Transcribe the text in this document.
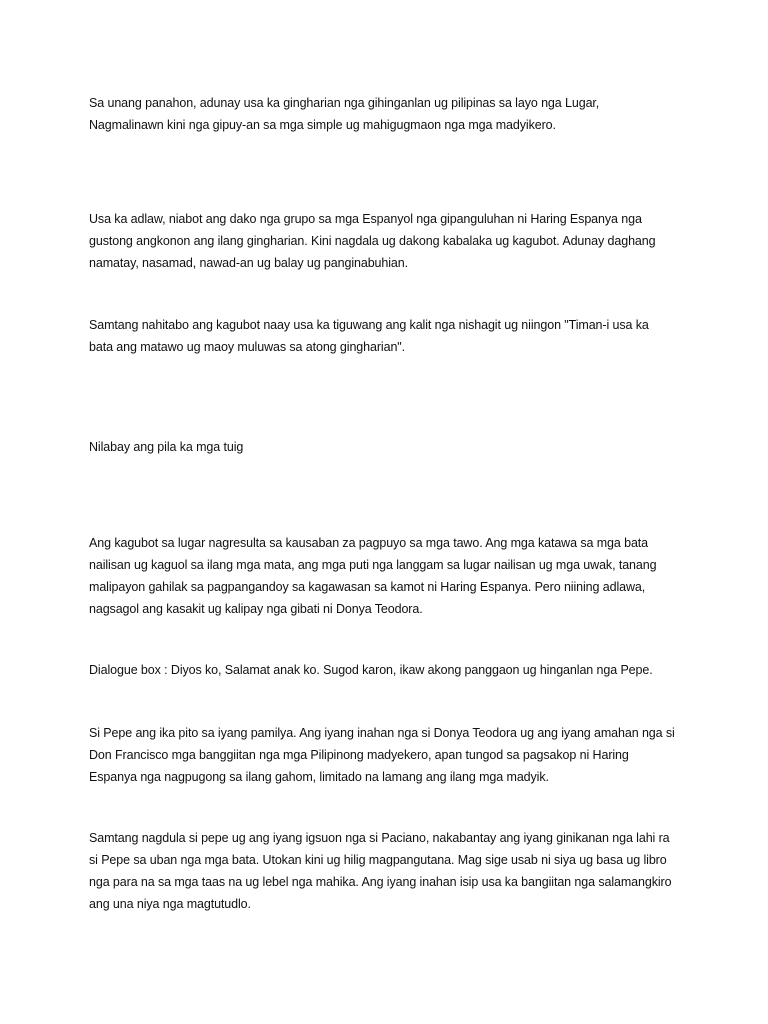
Sa unang panahon, adunay usa ka gingharian nga gihinganlan ug pilipinas sa layo nga Lugar,
Nagmalinawn kini nga gipuy-an sa mga simple ug mahigugmaon nga mga madyikero.

Usa ka adlaw, niabot ang dako nga grupo sa mga Espanyol nga gipanguluhan ni Haring Espanya nga
gustong angkonon ang ilang gingharian. Kini nagdala ug dakong kabalaka ug kagubot. Adunay daghang
namatay, nasamad, nawad-an ug balay ug panginabuhian.

Samtang nahitabo ang kagubot naay usa ka tiguwang ang kalit nga nishagit ug niingon "Timan-i usa ka
bata ang matawo ug maoy muluwas sa atong gingharian".

Nilabay ang pila ka mga tuig

Ang kagubot sa lugar nagresulta sa kausaban za pagpuyo sa mga tawo. Ang mga katawa sa mga bata
nailisan ug kaguol sa ilang mga mata, ang mga puti nga langgam sa lugar nailisan ug mga uwak, tanang
malipayon gahilak sa pagpangandoy sa kagawasan sa kamot ni Haring Espanya. Pero niining adlawa,
nagsagol ang kasakit ug kalipay nga gibati ni Donya Teodora.

Dialogue box : Diyos ko, Salamat anak ko. Sugod karon, ikaw akong panggaon ug hinganlan nga Pepe.

Si Pepe ang ika pito sa iyang pamilya. Ang iyang inahan nga si Donya Teodora ug ang iyang amahan nga si
Don Francisco mga banggiitan nga mga Pilipinong madyekero, apan tungod sa pagsakop ni Haring
Espanya nga nagpugong sa ilang gahom, limitado na lamang ang ilang mga madyik.

Samtang nagdula si pepe ug ang iyang igsuon nga si Paciano, nakabantay ang iyang ginikanan nga lahi ra
si Pepe sa uban nga mga bata. Utokan kini ug hilig magpangutana. Mag sige usab ni siya ug basa ug libro
nga para na sa mga taas na ug lebel nga mahika. Ang iyang inahan isip usa ka bangiitan nga salamangkiro
ang una niya nga magtutudlo.
